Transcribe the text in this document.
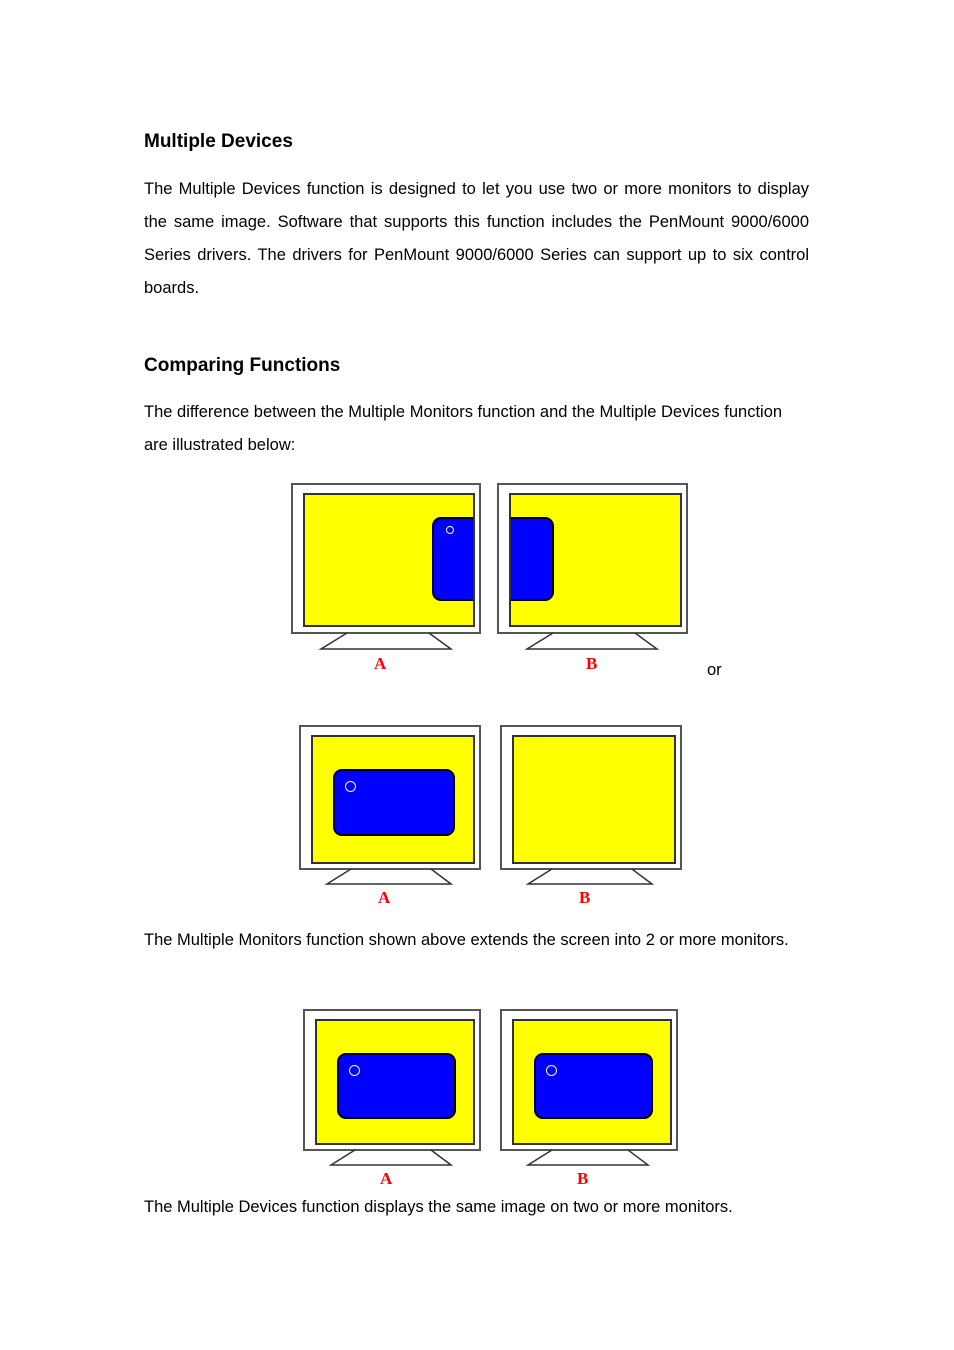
Multiple Devices

The Multiple Devices function is designed to let you use two or more monitors to display the same image. Software that supports this function includes the PenMount 9000/6000 Series drivers. The drivers for PenMount 9000/6000 Series can support up to six control boards.

Comparing Functions

The difference between the Multiple Monitors function and the Multiple Devices function are illustrated below:

A	B	or
A	B

The Multiple Monitors function shown above extends the screen into 2 or more monitors.

A	B

The Multiple Devices function displays the same image on two or more monitors.
